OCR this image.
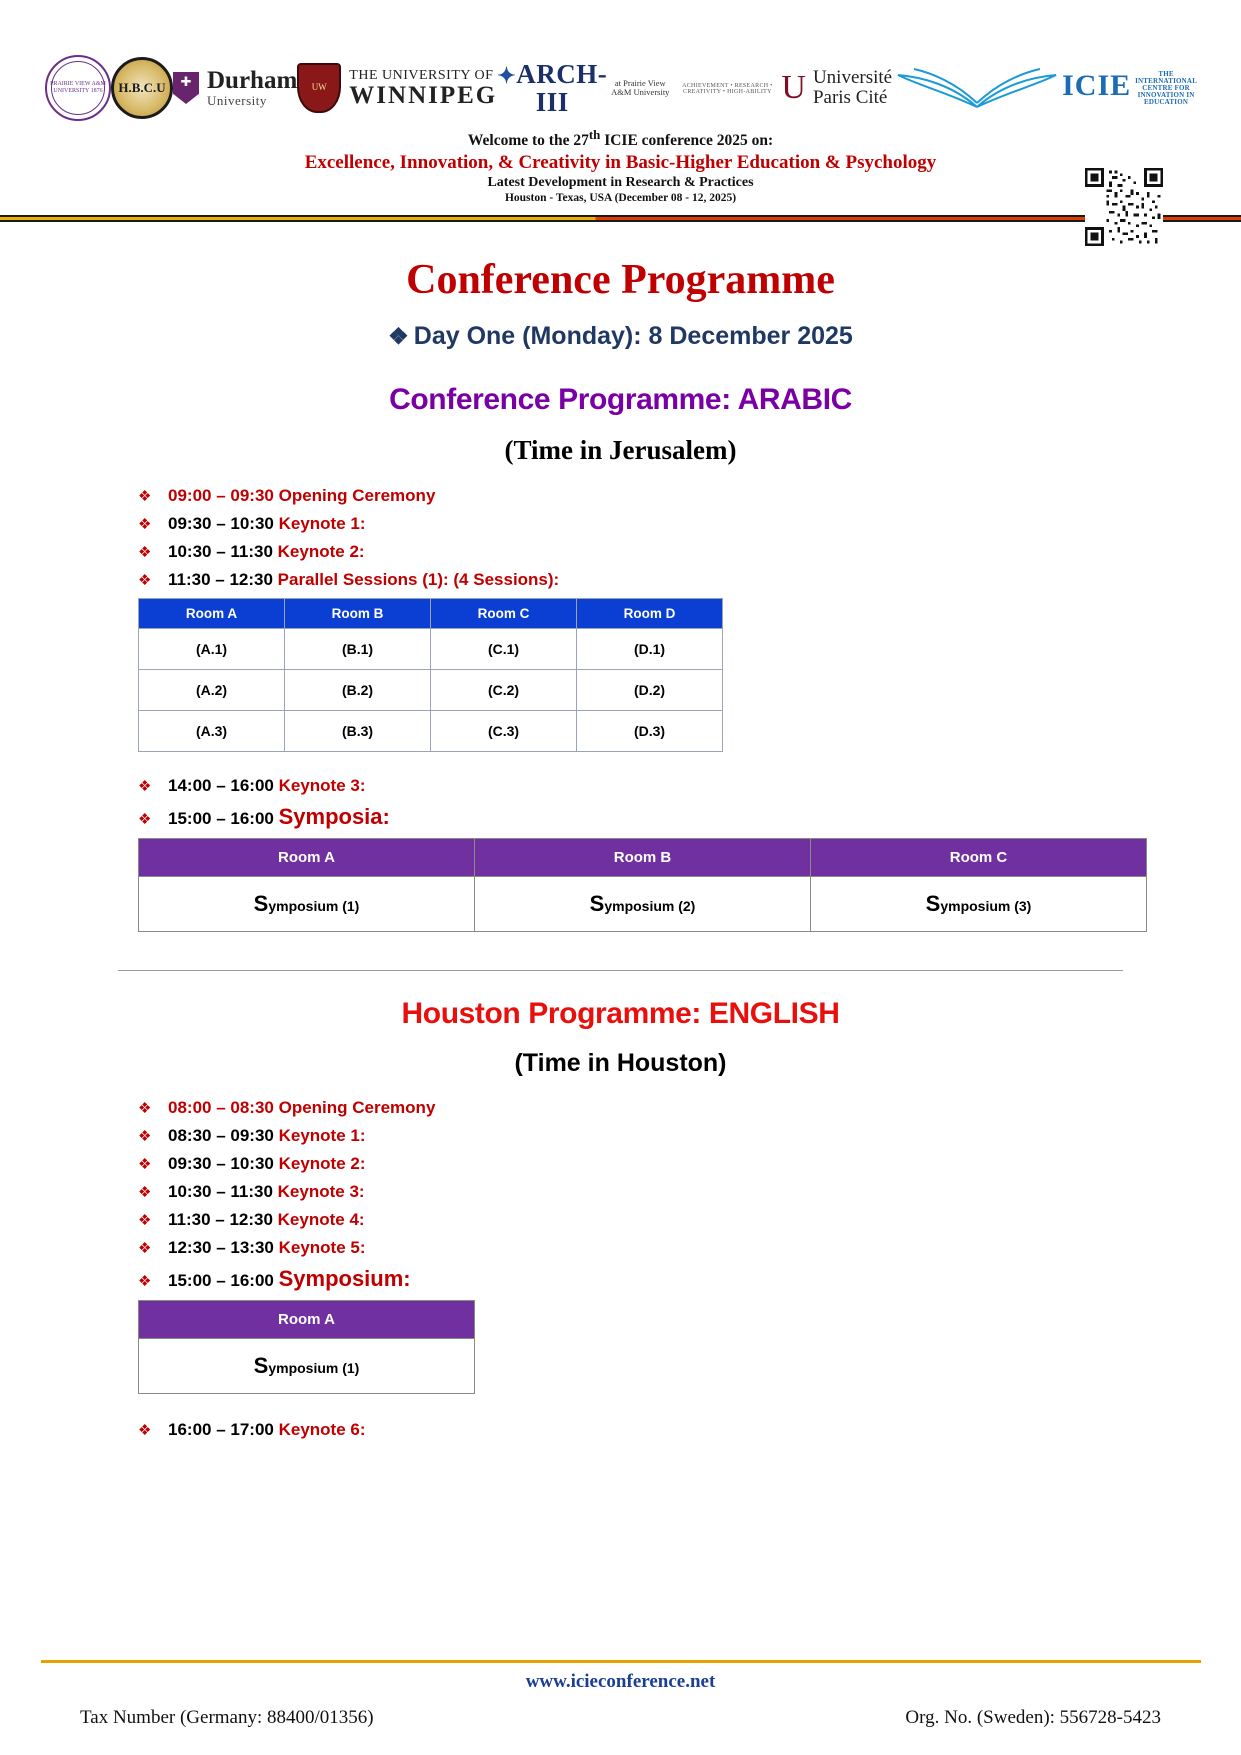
PRAIRIE VIEW A&M UNIVERSITY 1876	H.B.C.U ✚ Durham
University
UW
THE UNIVERSITY OF
WINNIPEG
✦ARCH-III
at Prairie View A&M University
ACHIEVEMENT • RESEARCH • CREATIVITY • HIGH-ABILITY U Université
Paris Cité	ICIE	THE INTERNATIONAL CENTRE FOR INNOVATION IN EDUCATION
Welcome to the 27th ICIE conference 2025 on:
Excellence, Innovation, & Creativity in Basic-Higher Education & Psychology
Latest Development in Research & Practices
Houston - Texas, USA (December 08 - 12, 2025)
Conference Programme
❖ Day One (Monday): 8 December 2025
Conference Programme: ARABIC
(Time in Jerusalem)
❖ 09:00 – 09:30 Opening Ceremony
❖ 09:30 – 10:30 Keynote 1:
❖ 10:30 – 11:30 Keynote 2:
❖ 11:30 – 12:30 Parallel Sessions (1): (4 Sessions):
Room A	Room B	Room C	Room D
(A.1)	(B.1)	(C.1)	(D.1)
(A.2)	(B.2)	(C.2)	(D.2)
(A.3)	(B.3)	(C.3)	(D.3)
❖ 14:00 – 16:00 Keynote 3:
❖ 15:00 – 16:00 Symposia:
Room A	Room B	Room C
Symposium (1)	Symposium (2)	Symposium (3)
Houston Programme: ENGLISH
(Time in Houston)
❖ 08:00 – 08:30 Opening Ceremony
❖ 08:30 – 09:30 Keynote 1:
❖ 09:30 – 10:30 Keynote 2:
❖ 10:30 – 11:30 Keynote 3:
❖ 11:30 – 12:30 Keynote 4:
❖ 12:30 – 13:30 Keynote 5:
❖ 15:00 – 16:00 Symposium:
Room A
Symposium (1)
❖ 16:00 – 17:00 Keynote 6:
www.icieconference.net
Tax Number (Germany: 88400/01356)	Org. No. (Sweden): 556728-5423
